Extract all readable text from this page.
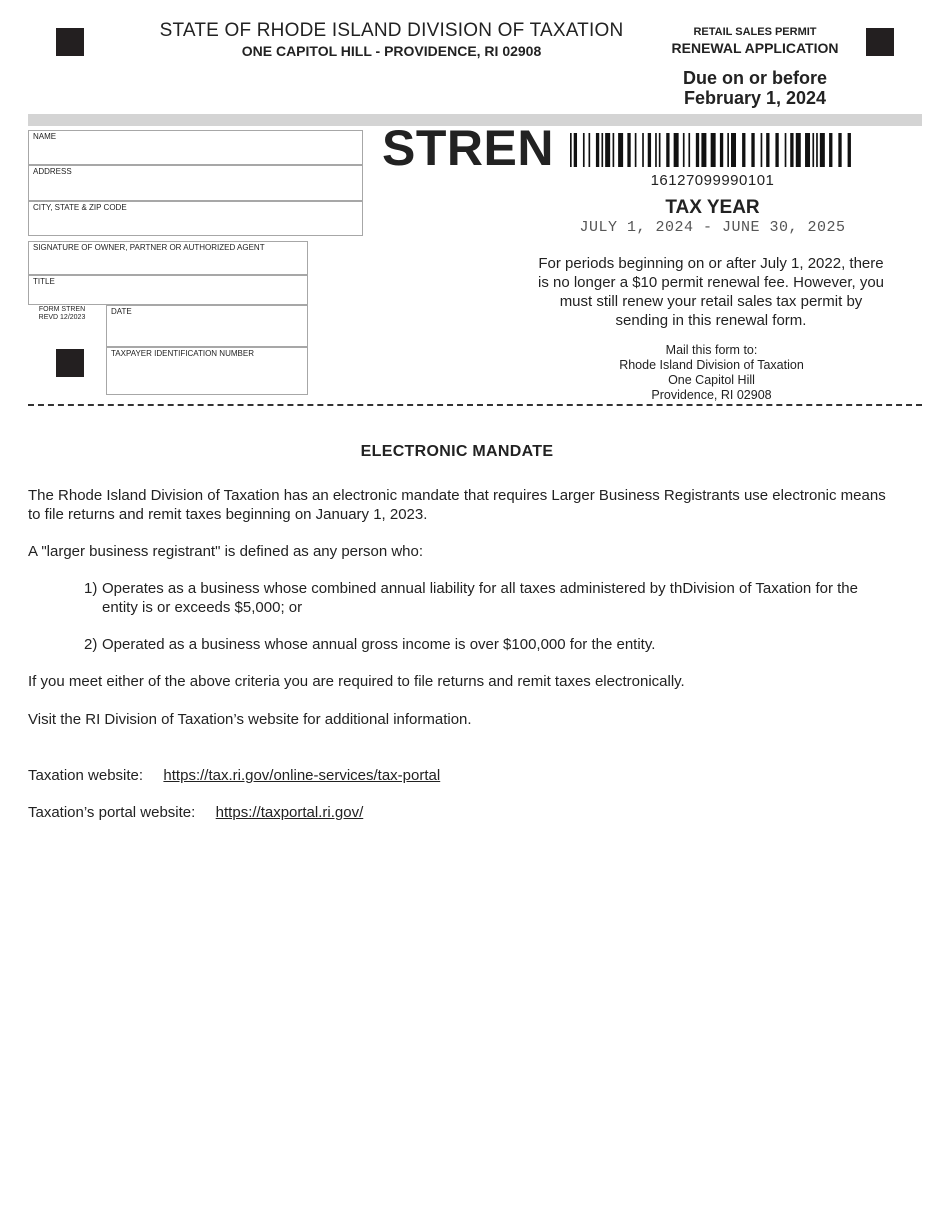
STATE OF RHODE ISLAND DIVISION OF TAXATION
ONE CAPITOL HILL - PROVIDENCE, RI 02908
RETAIL SALES PERMIT
RENEWAL APPLICATION
Due on or before
February 1, 2024
NAME
ADDRESS
CITY, STATE & ZIP CODE
SIGNATURE OF OWNER, PARTNER OR AUTHORIZED AGENT
TITLE
FORM STREN
REVD 12/2023
DATE
TAXPAYER IDENTIFICATION NUMBER
STREN
16127099990101
TAX YEAR
JULY 1, 2024 - JUNE 30, 2025
For periods beginning on or after July 1, 2022, there is no longer a $10 permit renewal fee. However, you must still renew your retail sales tax permit by sending in this renewal form.
Mail this form to:
Rhode Island Division of Taxation
One Capitol Hill
Providence, RI 02908
ELECTRONIC MANDATE
The Rhode Island Division of Taxation has an electronic mandate that requires Larger Business Registrants use electronic means to file returns and remit taxes beginning on January 1, 2023.
A "larger business registrant" is defined as any person who:
1) Operates as a business whose combined annual liability for all taxes administered by thDivision of Taxation for the entity is or exceeds $5,000; or
2) Operated as a business whose annual gross income is over $100,000 for the entity.
If you meet either of the above criteria you are required to file returns and remit taxes electronically.
Visit the RI Division of Taxation’s website for additional information.
Taxation website: https://tax.ri.gov/online-services/tax-portal
Taxation’s portal website: https://taxportal.ri.gov/
